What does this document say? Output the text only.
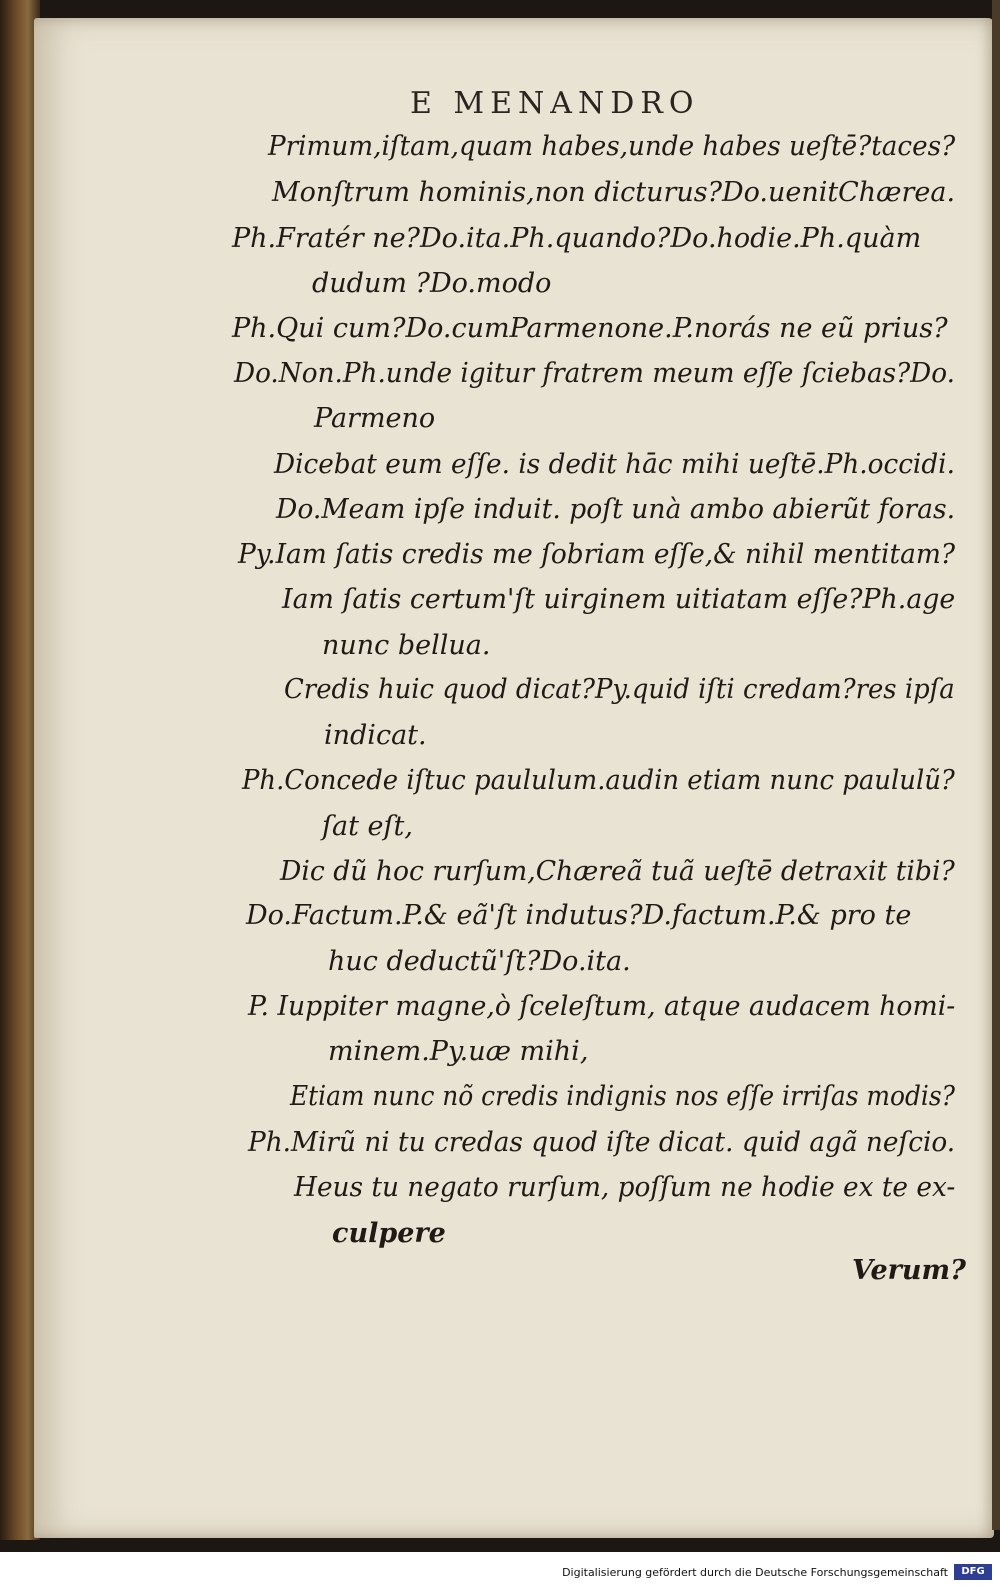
E MENANDRO
Primum,iſtam,quam habes,unde habes ueſtē?taces?
Monſtrum hominis,non dicturus?Do.uenitChærea.
Ph.Fratér ne?Do.ita.Ph.quando?Do.hodie.Ph.quàm
dudum ?Do.modo
Ph.Qui cum?Do.cumParmenone.P.norás ne eũ prius?
Do.Non.Ph.unde igitur fratrem meum eſſe ſciebas?Do.
Parmeno
Dicebat eum eſſe. is dedit hāc mihi ueſtē.Ph.occidi.
Do.Meam ipſe induit. poſt unà ambo abierũt foras.
Py.Iam ſatis credis me ſobriam eſſe,& nihil mentitam?
Iam ſatis certum'ſt uirginem uitiatam eſſe?Ph.age
nunc bellua.
Credis huic quod dicat?Py.quid iſti credam?res ipſa
indicat.
Ph.Concede iſtuc paululum.audin etiam nunc paululũ?
ſat eſt,
Dic dũ hoc rurſum,Chæreã tuã ueſtē detraxit tibi?
Do.Factum.P.& eã'ſt indutus?D.factum.P.& pro te
huc deductũ'ſt?Do.ita.
P. Iuppiter magne,ò ſceleſtum, atque audacem homi-
minem.Py.uæ mihi,
Etiam nunc nõ credis indignis nos eſſe irriſas modis?
Ph.Mirũ ni tu credas quod iſte dicat. quid agã neſcio.
Heus tu negato rurſum, poſſum ne hodie ex te ex-
culpere
Verum?
Digitalisierung gefördert durch die Deutsche Forschungsgemeinschaft	DFG
